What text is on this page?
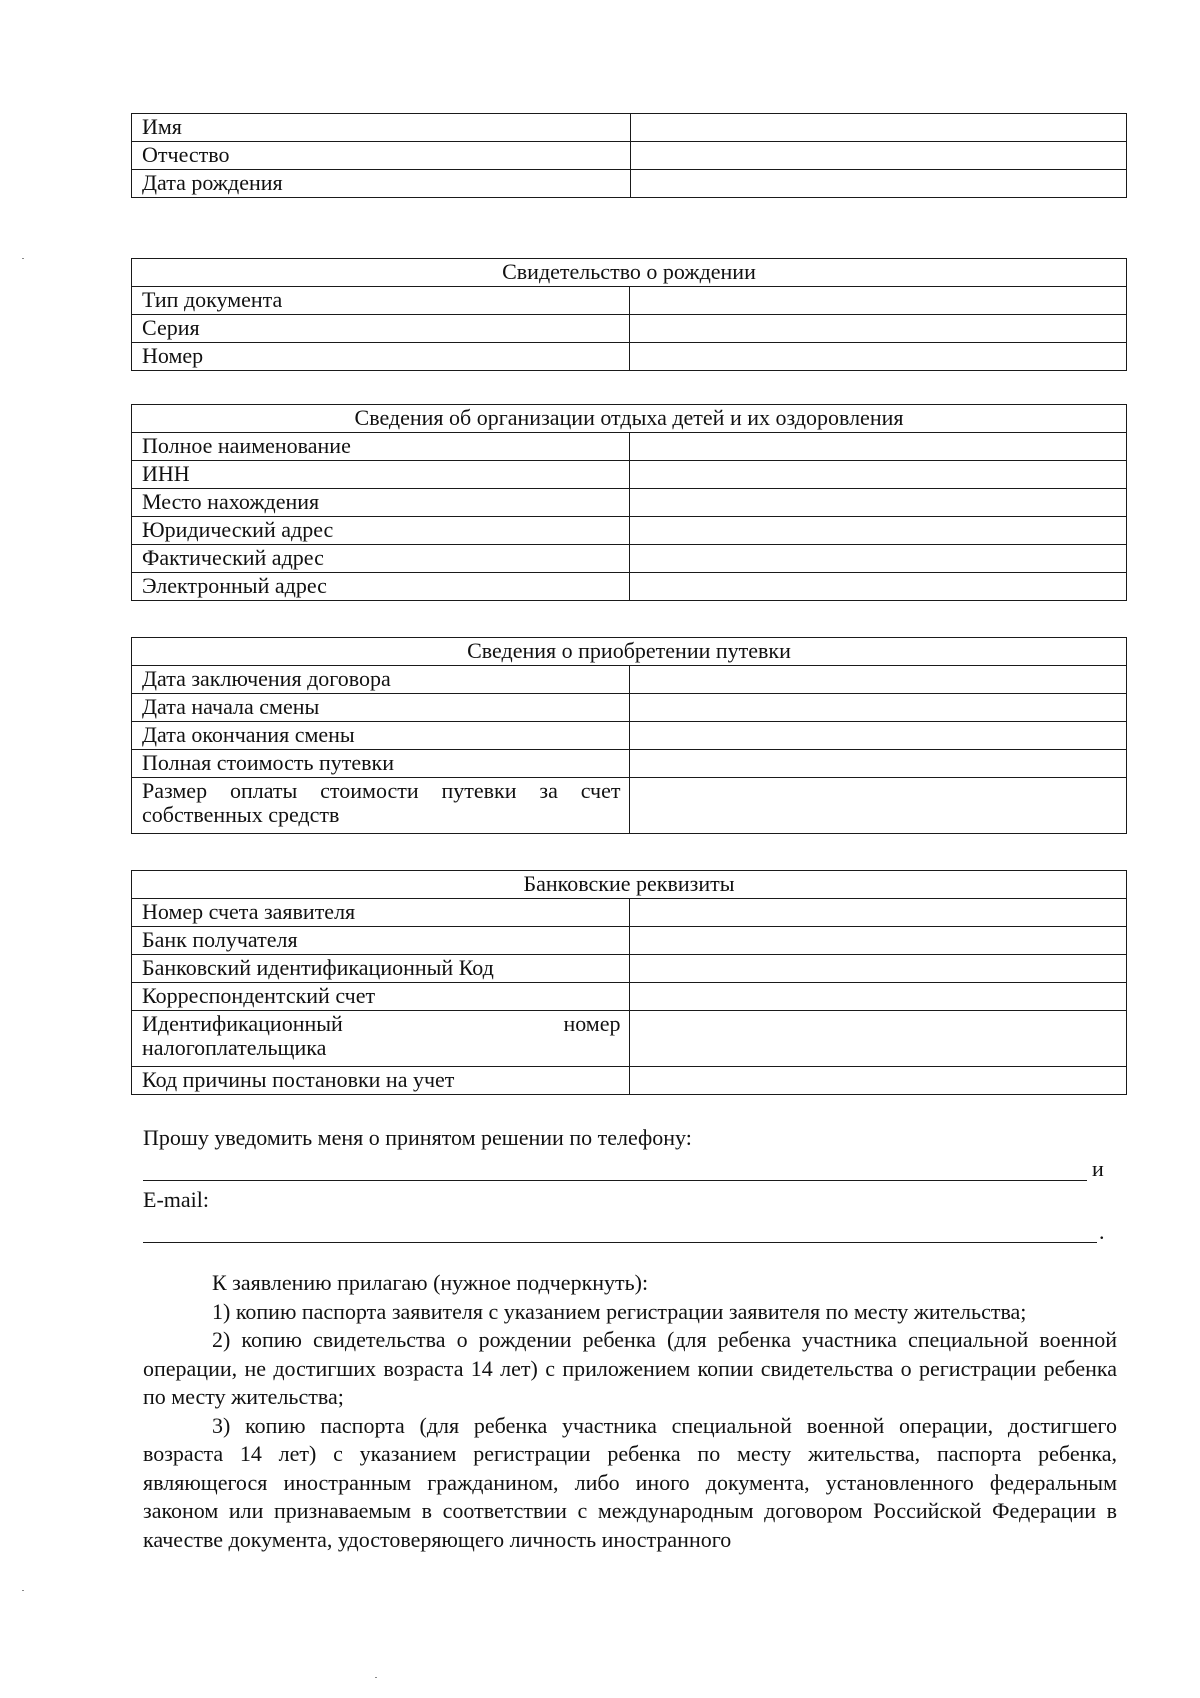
Имя	
Отчество	
Дата рождения	
Свидетельство о рождении	
Тип документа	
Серия	
Номер	
Сведения об организации отдыха детей и их оздоровления	
Полное наименование	
ИНН	
Место нахождения	
Юридический адрес	
Фактический адрес	
Электронный адрес	
Сведения о приобретении путевки	
Дата заключения договора	
Дата начала смены	
Дата окончания смены	
Полная стоимость путевки	

Размер оплаты стоимости путевки за счет
собственных средств	

Банковские реквизиты	
Номер счета заявителя	
Банк получателя	
Банковский идентификационный Код	
Корреспондентский счет	

Идентификационный номер
налогоплательщика	

Код причины постановки на учет	
Прошу уведомить меня о принятом решении по телефону:
и
E-mail:
.

К заявлению прилагаю (нужное подчеркнуть):

1) копию паспорта заявителя с указанием регистрации заявителя по месту жительства;

2) копию свидетельства о рождении ребенка (для ребенка участника специальной военной операции, не достигших возраста 14 лет) с приложением копии свидетельства о регистрации ребенка по месту жительства;

3) копию паспорта (для ребенка участника специальной военной операции, достигшего возраста 14 лет) с указанием регистрации ребенка по месту жительства, паспорта ребенка, являющегося иностранным гражданином, либо иного документа, установленного федеральным законом или признаваемым в соответствии с международным договором Российской Федерации в качестве документа, удостоверяющего личность иностранного
